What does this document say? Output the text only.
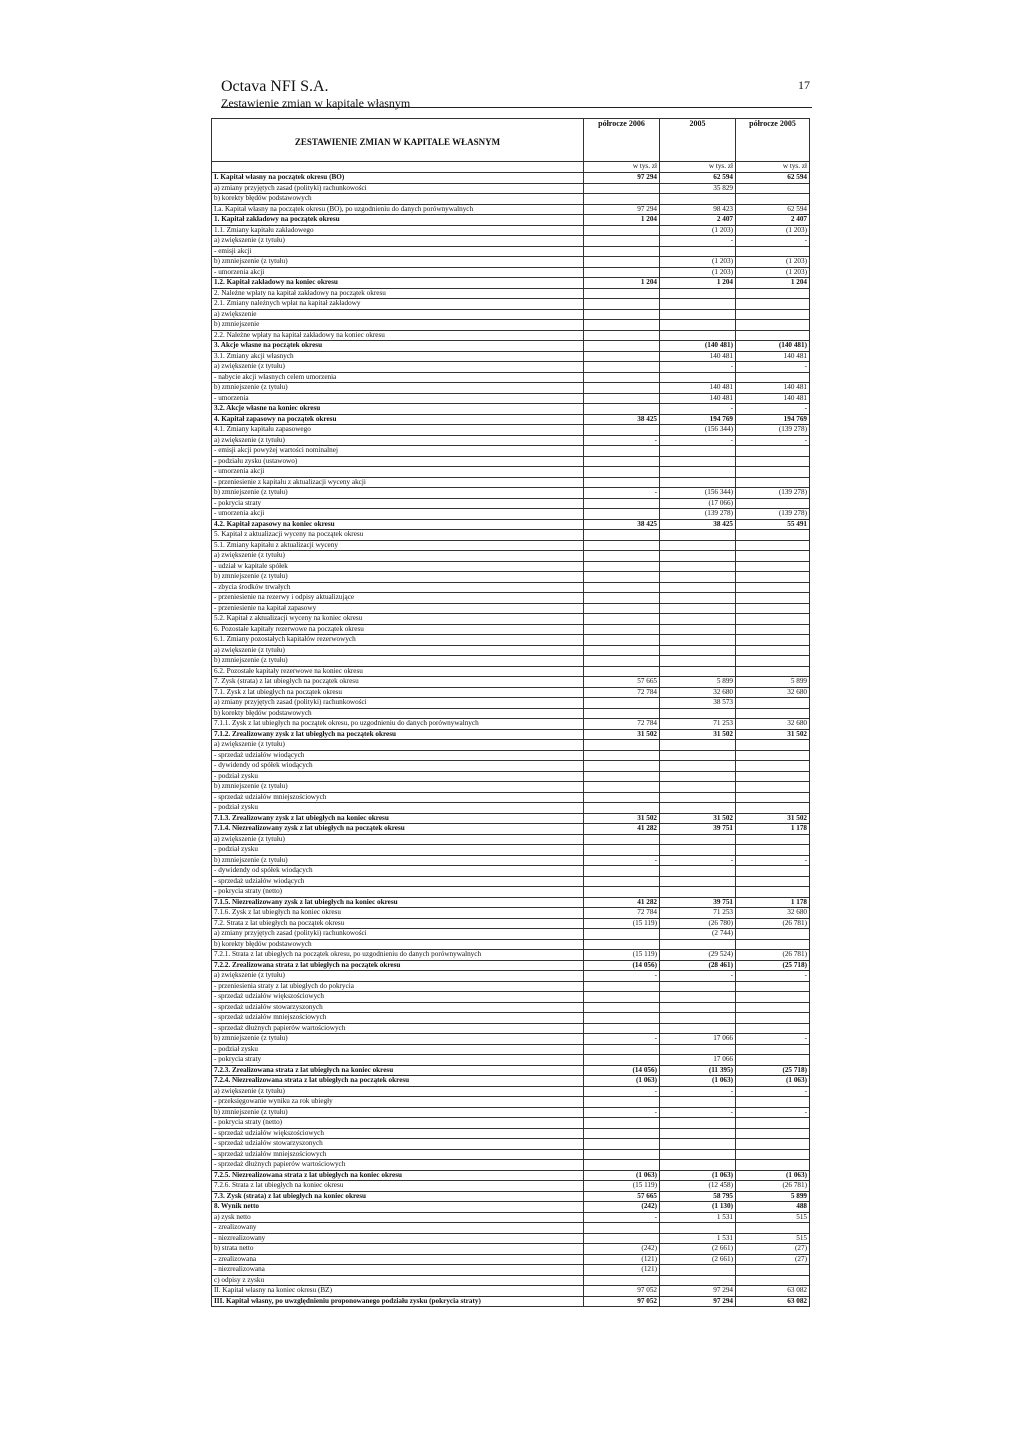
Octava NFI S.A.
Zestawienie zmian w kapitale własnym
17
ZESTAWIENIE ZMIAN W KAPITALE WŁASNYM	półrocze 2006	2005	półrocze 2005
	w tys. zł	w tys. zł	w tys. zł
I. Kapitał własny na początek okresu (BO)	97 294	62 594	62 594
a) zmiany przyjętych zasad (polityki) rachunkowości		35 829	
b) korekty błędów podstawowych			
I.a. Kapitał własny na początek okresu (BO), po uzgodnieniu do danych porównywalnych	97 294	98 423	62 594
1. Kapitał zakładowy na początek okresu	1 204	2 407	2 407
1.1. Zmiany kapitału zakładowego		(1 203)	(1 203)
a) zwiększenie (z tytułu)		-	-
- emisji akcji			
b) zmniejszenie (z tytułu)		(1 203)	(1 203)
- umorzenia akcji		(1 203)	(1 203)
1.2. Kapitał zakładowy na koniec okresu	1 204	1 204	1 204
2. Należne wpłaty na kapitał zakładowy na początek okresu			
2.1. Zmiany należnych wpłat na kapitał zakładowy			
a) zwiększenie			
b) zmniejszenie			
2.2. Należne wpłaty na kapitał zakładowy na koniec okresu			
3. Akcje własne na początek okresu		(140 481)	(140 481)
3.1. Zmiany akcji własnych		140 481	140 481
a) zwiększenie (z tytułu)		-	-
- nabycie akcji własnych celem umorzenia			
b) zmniejszenie (z tytułu)		140 481	140 481
- umorzenia		140 481	140 481
3.2. Akcje własne na koniec okresu		-	-
4. Kapitał zapasowy na początek okresu	38 425	194 769	194 769
4.1. Zmiany kapitału zapasowego		(156 344)	(139 278)
a) zwiększenie (z tytułu)	-	-	-
- emisji akcji powyżej wartości nominalnej			
- podziału zysku (ustawowo)			
- umorzenia akcji			
- przeniesienie z kapitału z aktualizacji wyceny akcji			
b) zmniejszenie (z tytułu)	-	(156 344)	(139 278)
- pokrycia straty		(17 066)	
- umorzenia akcji		(139 278)	(139 278)
4.2. Kapitał zapasowy na koniec okresu	38 425	38 425	55 491
5. Kapitał z aktualizacji wyceny na początek okresu			
5.1. Zmiany kapitału z aktualizacji wyceny			
a) zwiększenie (z tytułu)			
- udział w kapitale spółek			
b) zmniejszenie (z tytułu)			
- zbycia środków trwałych			
- przeniesienie na rezerwy i odpisy aktualizujące			
- przeniesienie na kapitał zapasowy			
5.2. Kapitał z aktualizacji wyceny na koniec okresu			
6. Pozostałe kapitały rezerwowe na początek okresu			
6.1. Zmiany pozostałych kapitałów rezerwowych			
a) zwiększenie (z tytułu)			
b) zmniejszenie (z tytułu)			
6.2. Pozostałe kapitały rezerwowe na koniec okresu			
7. Zysk (strata) z lat ubiegłych na początek okresu	57 665	5 899	5 899
7.1. Zysk z lat ubiegłych na początek okresu	72 784	32 680	32 680
a) zmiany przyjętych zasad (polityki) rachunkowości		38 573	
b) korekty błędów podstawowych			
7.1.1. Zysk z lat ubiegłych na początek okresu, po uzgodnieniu do danych porównywalnych	72 784	71 253	32 680
7.1.2. Zrealizowany zysk z lat ubiegłych na początek okresu	31 502	31 502	31 502
a) zwiększenie (z tytułu)			
- sprzedaż udziałów wiodących			
- dywidendy od spółek wiodących			
- podział zysku			
b) zmniejszenie (z tytułu)			
- sprzedaż udziałów mniejszościowych			
- podział zysku			
7.1.3. Zrealizowany zysk z lat ubiegłych na koniec okresu	31 502	31 502	31 502
7.1.4. Niezrealizowany zysk z lat ubiegłych na początek okresu	41 282	39 751	1 178
a) zwiększenie (z tytułu)			
- podział zysku			
b) zmniejszenie (z tytułu)	-	-	-
- dywidendy od spółek wiodących			
- sprzedaż udziałów wiodących			
- pokrycia straty (netto)			
7.1.5. Niezrealizowany zysk z lat ubiegłych na koniec okresu	41 282	39 751	1 178
7.1.6. Zysk z lat ubiegłych na koniec okresu	72 784	71 253	32 680
7.2. Strata z lat ubiegłych na początek okresu	(15 119)	(26 780)	(26 781)
a) zmiany przyjętych zasad (polityki) rachunkowości		(2 744)	
b) korekty błędów podstawowych			
7.2.1. Strata z lat ubiegłych na początek okresu, po uzgodnieniu do danych porównywalnych	(15 119)	(29 524)	(26 781)
7.2.2. Zrealizowana strata z lat ubiegłych na początek okresu	(14 056)	(28 461)	(25 718)
a) zwiększenie (z tytułu)	-	-	-
- przeniesienia straty z lat ubiegłych do pokrycia			
- sprzedaż udziałów większościowych			
- sprzedaż udziałów stowarzyszonych			
- sprzedaż udziałów mniejszościowych			
- sprzedaż dłużnych papierów wartościowych			
b) zmniejszenie (z tytułu)	-	17 066	-
- podział zysku			
- pokrycia straty		17 066	
7.2.3. Zrealizowana strata z lat ubiegłych na koniec okresu	(14 056)	(11 395)	(25 718)
7.2.4. Niezrealizowana strata z lat ubiegłych na początek okresu	(1 063)	(1 063)	(1 063)
a) zwiększenie (z tytułu)	-	-	-
- przeksięgowanie wyniku za rok ubiegły			
b) zmniejszenie (z tytułu)	-	-	-
- pokrycia straty (netto)			
- sprzedaż udziałów większościowych			
- sprzedaż udziałów stowarzyszonych			
- sprzedaż udziałów mniejszościowych			
- sprzedaż dłużnych papierów wartościowych			
7.2.5. Niezrealizowana strata z lat ubiegłych na koniec okresu	(1 063)	(1 063)	(1 063)
7.2.6. Strata z lat ubiegłych na koniec okresu	(15 119)	(12 458)	(26 781)
7.3. Zysk (strata) z lat ubiegłych na koniec okresu	57 665	58 795	5 899
8. Wynik netto	(242)	(1 130)	488
a) zysk netto	-	1 531	515
- zrealizowany			
- niezrealizowany		1 531	515
b) strata netto	(242)	(2 661)	(27)
- zrealizowana	(121)	(2 661)	(27)
- niezrealizowana	(121)		
c) odpisy z zysku			
II. Kapitał własny na koniec okresu (BZ)	97 052	97 294	63 082
III. Kapitał własny, po uwzględnieniu proponowanego podziału zysku (pokrycia straty)	97 052	97 294	63 082
